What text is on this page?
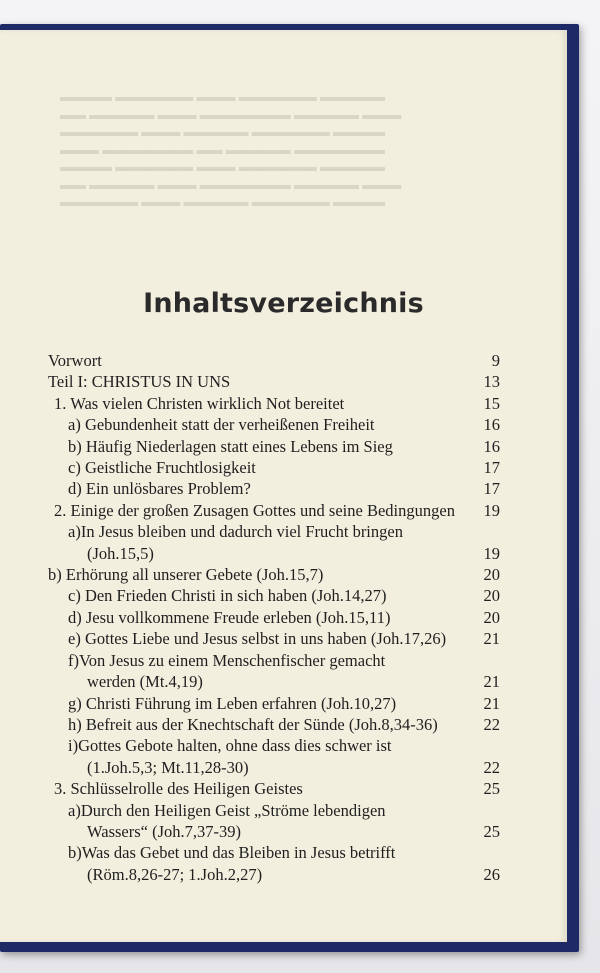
▬▬▬▬ ▬▬▬▬▬▬ ▬▬▬ ▬▬▬▬▬▬ ▬▬▬▬▬
▬▬ ▬▬▬▬▬ ▬▬▬ ▬▬▬▬▬▬▬ ▬▬▬▬▬ ▬▬▬
▬▬▬▬▬▬ ▬▬▬ ▬▬▬▬▬ ▬▬▬▬▬▬ ▬▬▬▬
▬▬▬ ▬▬▬▬▬▬▬ ▬▬ ▬▬▬▬▬ ▬▬▬▬▬▬▬
▬▬▬▬ ▬▬▬▬▬▬ ▬▬▬ ▬▬▬▬▬▬ ▬▬▬▬▬
▬▬ ▬▬▬▬▬ ▬▬▬ ▬▬▬▬▬▬▬ ▬▬▬▬▬ ▬▬▬
▬▬▬▬▬▬ ▬▬▬ ▬▬▬▬▬ ▬▬▬▬▬▬ ▬▬▬▬
Inhaltsverzeichnis
Vorwort	9
Teil I: CHRISTUS IN UNS	13
1. Was vielen Christen wirklich Not bereitet	15
a) Gebundenheit statt der verheißenen Freiheit	16
b) Häufig Niederlagen statt eines Lebens im Sieg	16
c) Geistliche Fruchtlosigkeit	17
d) Ein unlösbares Problem?	17
2. Einige der großen Zusagen Gottes und seine Bedingungen	19
a) In Jesus bleiben und dadurch viel Frucht bringen
(Joh.15,5)	19
b) Erhörung all unserer Gebete (Joh.15,7)	20
c) Den Frieden Christi in sich haben (Joh.14,27)	20
d) Jesu vollkommene Freude erleben (Joh.15,11)	20
e) Gottes Liebe und Jesus selbst in uns haben (Joh.17,26)	21
f) Von Jesus zu einem Menschenfischer gemacht
werden (Mt.4,19)	21
g) Christi Führung im Leben erfahren (Joh.10,27)	21
h) Befreit aus der Knechtschaft der Sünde (Joh.8,34-36)	22
i) Gottes Gebote halten, ohne dass dies schwer ist
(1.Joh.5,3; Mt.11,28-30)	22
3. Schlüsselrolle des Heiligen Geistes	25
a) Durch den Heiligen Geist „Ströme lebendigen
Wassers“ (Joh.7,37-39)	25
b) Was das Gebet und das Bleiben in Jesus betrifft
(Röm.8,26-27; 1.Joh.2,27)	26
